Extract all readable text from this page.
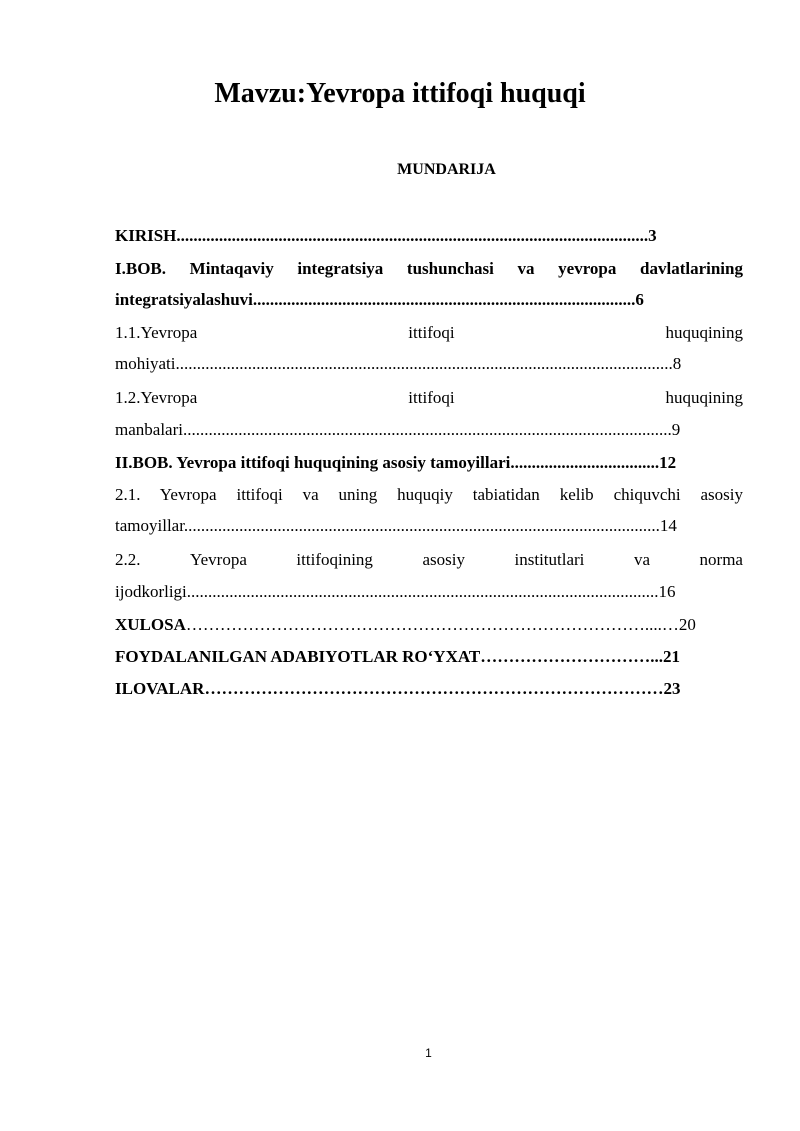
Mavzu:Yevropa ittifoqi huquqi
MUNDARIJA
KIRISH...............................................................................................................3
I.BOB. Mintaqaviy integratsiya tushunchasi va yevropa davlatlarining
integratsiyalashuvi..........................................................................................6
1.1.Yevropa	ittifoqi	huquqining
mohiyati.....................................................................................................................8
1.2.Yevropa	ittifoqi	huquqining
manbalari...................................................................................................................9
II.BOB. Yevropa ittifoqi huquqining asosiy tamoyillari...................................12
2.1. Yevropa ittifoqi va uning huquqiy tabiatidan kelib chiquvchi asosiy
tamoyillar................................................................................................................14
2.2.	Yevropa	ittifoqining	asosiy	institutlari	va	norma
ijodkorligi...............................................................................................................16
XULOSA………………………………………………………………………....…20
FOYDALANILGAN ADABIYOTLAR RO‘YXAT…………………………...21
ILOVALAR………………………………………………………………………23
1
